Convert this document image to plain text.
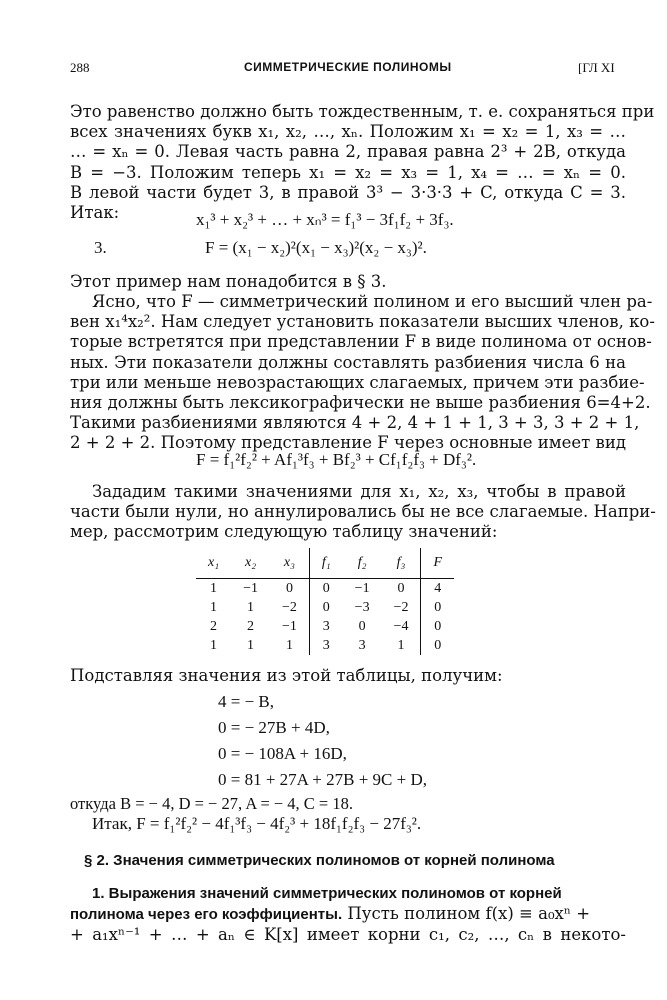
288	СИММЕТРИЧЕСКИЕ ПОЛИНОМЫ	[ГЛ XI
Это равенство должно быть тождественным, т. е. сохраняться при
всех значениях букв x₁, x₂, …, xₙ. Положим x₁ = x₂ = 1, x₃ = …
… = xₙ = 0. Левая часть равна 2, правая равна 2³ + 2B, откуда
B = −3. Положим теперь x₁ = x₂ = x₃ = 1, x₄ = … = xₙ = 0.
В левой части будет 3, в правой 3³ − 3·3·3 + C, откуда C = 3.
Итак:	x₁³ + x₂³ + … + xₙ³ = f₁³ − 3f₁f₂ + 3f₃.
3.	F = (x₁ − x₂)²(x₁ − x₃)²(x₂ − x₃)².
Этот пример нам понадобится в § 3.
Ясно, что F — симметрический полином и его высший член ра-
вен x₁⁴x₂². Нам следует установить показатели высших членов, ко-
торые встретятся при представлении F в виде полинома от основ-
ных. Эти показатели должны составлять разбиения числа 6 на
три или меньше невозрастающих слагаемых, причем эти разбие-
ния должны быть лексикографически не выше разбиения 6=4+2.
Такими разбиениями являются 4 + 2, 4 + 1 + 1, 3 + 3, 3 + 2 + 1,
2 + 2 + 2. Поэтому представление F через основные имеет вид
F = f₁²f₂² + Af₁³f₃ + Bf₂³ + Cf₁f₂f₃ + Df₃².
Зададим такими значениями для x₁, x₂, x₃, чтобы в правой
части были нули, но аннулировались бы не все слагаемые. Напри-
мер, рассмотрим следующую таблицу значений:
x₁	x₂	x₃	f₁	f₂	f₃	F
1	−1	0	0	−1	0	4
1	1	−2	0	−3	−2	0
2	2	−1	3	0	−4	0
1	1	1	3	3	1	0
Подставляя значения из этой таблицы, получим:
4 = − B,
0 = − 27B + 4D,
0 = − 108A + 16D,
0 = 81 + 27A + 27B + 9C + D,
откуда B = − 4, D = − 27, A = − 4, C = 18.
Итак, F = f₁²f₂² − 4f₁³f₃ − 4f₂³ + 18f₁f₂f₃ − 27f₃².
§ 2. Значения симметрических полиномов от корней полинома
1. Выражения значений симметрических полиномов от корней
полинома через его коэффициенты. Пусть полином f(x) ≡ a₀xⁿ +
+ a₁xⁿ⁻¹ + … + aₙ ∈ K[x] имеет корни c₁, c₂, …, cₙ в некото-
